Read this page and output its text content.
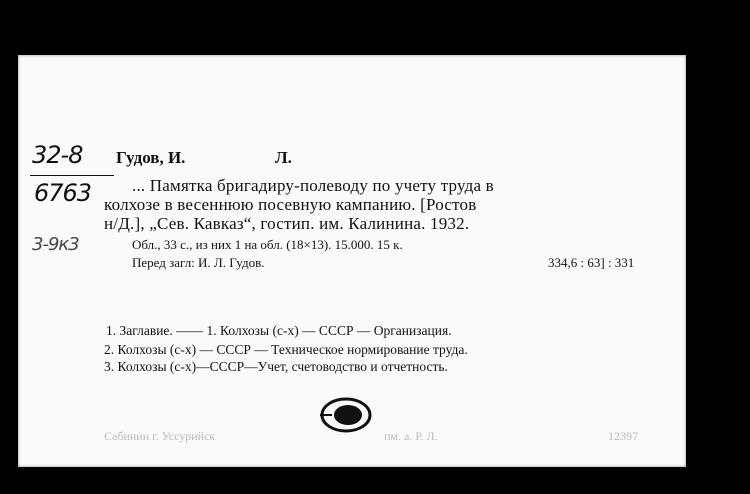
32-8
6763
3-9к3
Гудов, И.	Л.
... Памятка бригадиру-полеводу по учету труда в
колхозе в весеннюю посевную кампанию. [Ростов
н/Д.], „Сев. Кавказ“, гостип. им. Калинина. 1932.
Обл., 33 с., из них 1 на обл. (18×13). 15.000. 15 к.
Перед загл: И. Л. Гудов.	334,6 : 63] : 331
1. Заглавие. —— 1. Колхозы (с-х) — СССР — Организация.
2. Колхозы (с-х) — СССР — Техническое нормирование труда.
3. Колхозы (с-х)—СССР—Учет, счетоводство и отчетность.
Сабинин г. Уссурийск	пм. а. Р. Л.	12397
